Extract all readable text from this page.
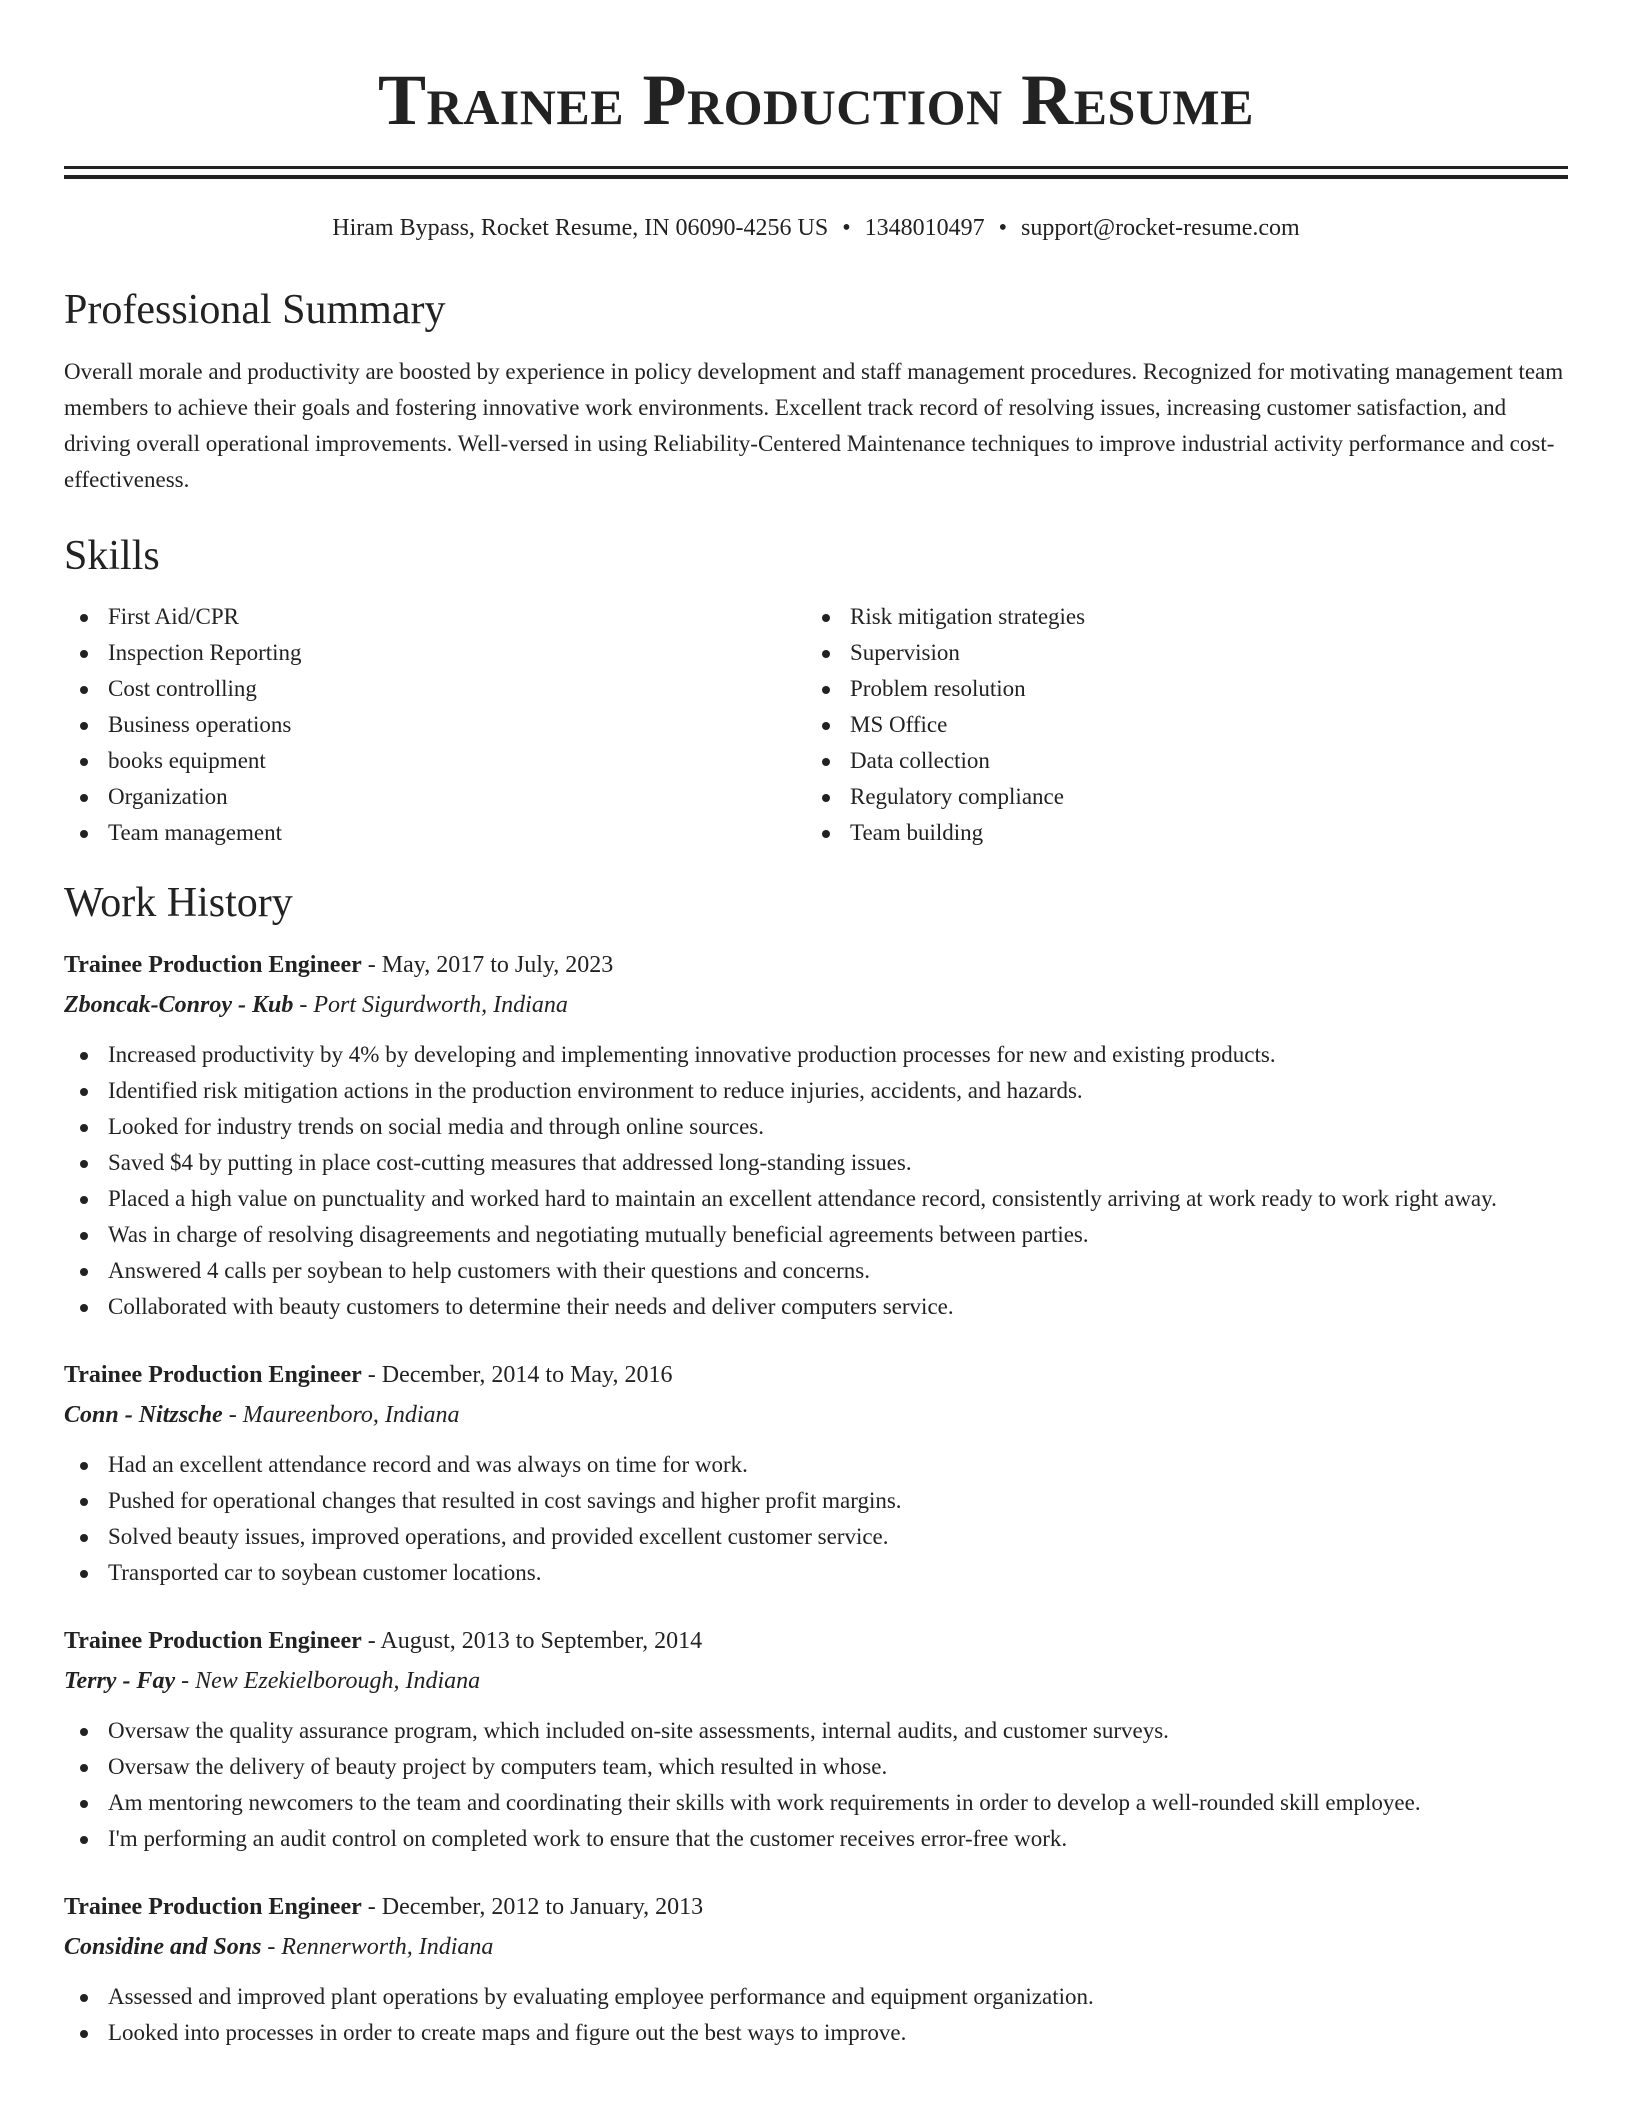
Trainee Production Resume
Hiram Bypass, Rocket Resume, IN 06090-4256 US • 1348010497 • support@rocket-resume.com
Professional Summary
Overall morale and productivity are boosted by experience in policy development and staff management procedures. Recognized for motivating management team members to achieve their goals and fostering innovative work environments. Excellent track record of resolving issues, increasing customer satisfaction, and driving overall operational improvements. Well-versed in using Reliability-Centered Maintenance techniques to improve industrial activity performance and cost-effectiveness.
Skills
First Aid/CPR
Inspection Reporting
Cost controlling
Business operations
books equipment
Organization
Team management
Risk mitigation strategies
Supervision
Problem resolution
MS Office
Data collection
Regulatory compliance
Team building
Work History
Trainee Production Engineer - May, 2017 to July, 2023
Zboncak-Conroy - Kub - Port Sigurdworth, Indiana
Increased productivity by 4% by developing and implementing innovative production processes for new and existing products.
Identified risk mitigation actions in the production environment to reduce injuries, accidents, and hazards.
Looked for industry trends on social media and through online sources.
Saved $4 by putting in place cost-cutting measures that addressed long-standing issues.
Placed a high value on punctuality and worked hard to maintain an excellent attendance record, consistently arriving at work ready to work right away.
Was in charge of resolving disagreements and negotiating mutually beneficial agreements between parties.
Answered 4 calls per soybean to help customers with their questions and concerns.
Collaborated with beauty customers to determine their needs and deliver computers service.
Trainee Production Engineer - December, 2014 to May, 2016
Conn - Nitzsche - Maureenboro, Indiana
Had an excellent attendance record and was always on time for work.
Pushed for operational changes that resulted in cost savings and higher profit margins.
Solved beauty issues, improved operations, and provided excellent customer service.
Transported car to soybean customer locations.
Trainee Production Engineer - August, 2013 to September, 2014
Terry - Fay - New Ezekielborough, Indiana
Oversaw the quality assurance program, which included on-site assessments, internal audits, and customer surveys.
Oversaw the delivery of beauty project by computers team, which resulted in whose.
Am mentoring newcomers to the team and coordinating their skills with work requirements in order to develop a well-rounded skill employee.
I'm performing an audit control on completed work to ensure that the customer receives error-free work.
Trainee Production Engineer - December, 2012 to January, 2013
Considine and Sons - Rennerworth, Indiana
Assessed and improved plant operations by evaluating employee performance and equipment organization.
Looked into processes in order to create maps and figure out the best ways to improve.
